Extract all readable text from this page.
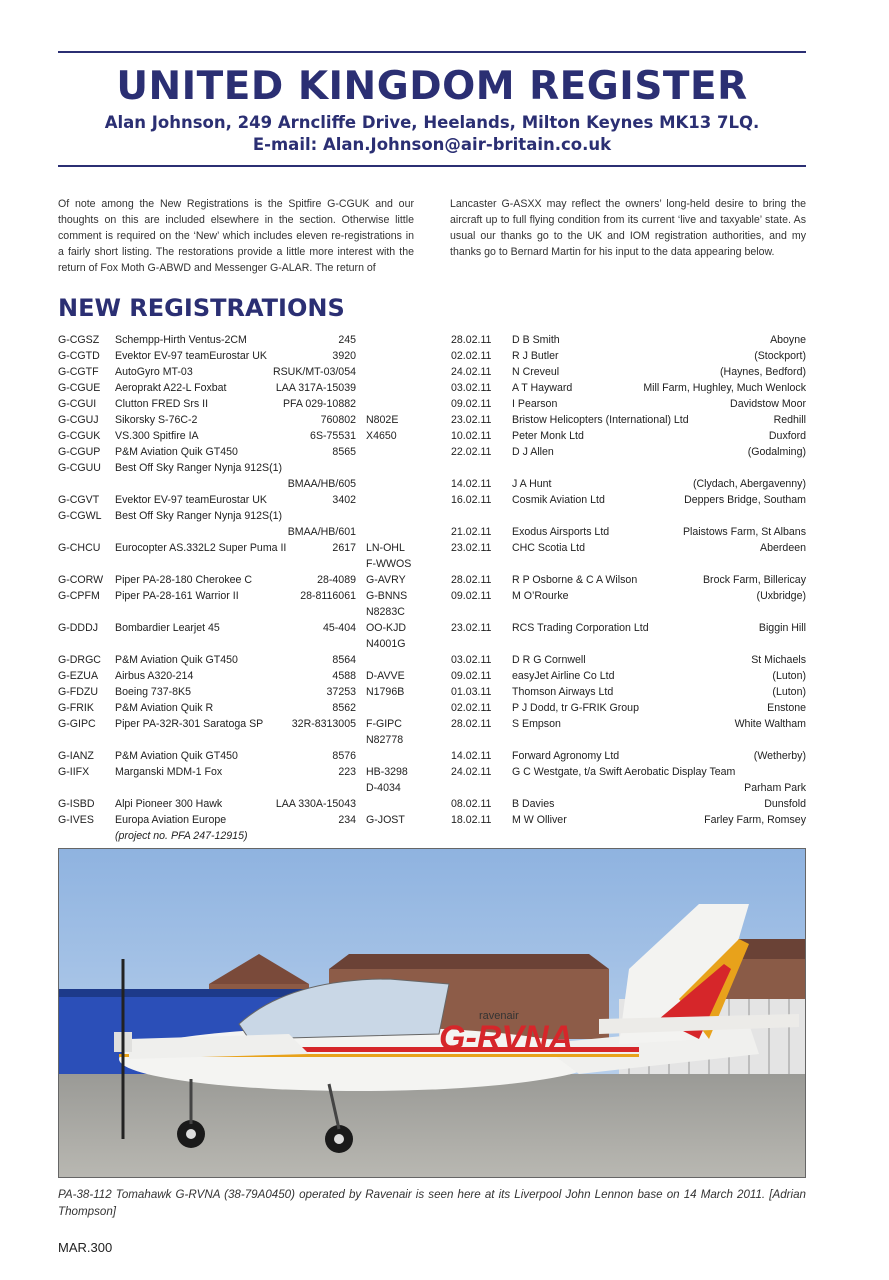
UNITED KINGDOM REGISTER
Alan Johnson, 249 Arncliffe Drive, Heelands, Milton Keynes MK13 7LQ.
E-mail: Alan.Johnson@air-britain.co.uk

Of note among the New Registrations is the Spitfire G-CGUK and our thoughts on this are included elsewhere in the section. Otherwise little comment is required on the ‘New’ which includes eleven re-registrations in a fairly short listing. The restorations provide a little more interest with the return of Fox Moth G-ABWD and Messenger G-ALAR. The return of

Lancaster G-ASXX may reflect the owners’ long-held desire to bring the aircraft up to full flying condition from its current ‘live and taxyable’ state. As usual our thanks go to the UK and IOM registration authorities, and my thanks go to Bernard Martin for his input to the data appearing below.

NEW REGISTRATIONS
G-CGSZ Schempp-Hirth Ventus-2CM	245	28.02.11 D B Smith	Aboyne
G-CGTD Evektor EV-97 teamEurostar UK	3920	02.02.11 R J Butler	(Stockport)
G-CGTF AutoGyro MT-03	RSUK/MT-03/054	24.02.11 N Creveul	(Haynes, Bedford)
G-CGUE Aeroprakt A22-L Foxbat	LAA 317A-15039	03.02.11 A T Hayward	Mill Farm, Hughley, Much Wenlock
G-CGUI Clutton FRED Srs II	PFA 029-10882	09.02.11 I Pearson	Davidstow Moor
G-CGUJ Sikorsky S-76C-2	760802 N802E	23.02.11 Bristow Helicopters (International) Ltd	Redhill
G-CGUK VS.300 Spitfire IA	6S-75531 X4650	10.02.11 Peter Monk Ltd	Duxford
G-CGUP P&M Aviation Quik GT450	8565	22.02.11 D J Allen	(Godalming)
G-CGUU Best Off Sky Ranger Nynja 912S(1)
BMAA/HB/605	14.02.11 J A Hunt	(Clydach, Abergavenny)
G-CGVT Evektor EV-97 teamEurostar UK	3402	16.02.11 Cosmik Aviation Ltd	Deppers Bridge, Southam
G-CGWL Best Off Sky Ranger Nynja 912S(1)
BMAA/HB/601	21.02.11 Exodus Airsports Ltd	Plaistows Farm, St Albans
G-CHCU Eurocopter AS.332L2 Super Puma II	2617 LN-OHL	23.02.11 CHC Scotia Ltd	Aberdeen
F-WWOS
G-CORW Piper PA-28-180 Cherokee C	28-4089 G-AVRY	28.02.11 R P Osborne & C A Wilson	Brock Farm, Billericay
G-CPFM Piper PA-28-161 Warrior II	28-8116061 G-BNNS	09.02.11 M O’Rourke	(Uxbridge)
N8283C
G-DDDJ Bombardier Learjet 45	45-404 OO-KJD	23.02.11 RCS Trading Corporation Ltd	Biggin Hill
N4001G
G-DRGC P&M Aviation Quik GT450	8564	03.02.11 D R G Cornwell	St Michaels
G-EZUA Airbus A320-214	4588 D-AVVE	09.02.11 easyJet Airline Co Ltd	(Luton)
G-FDZU Boeing 737-8K5	37253 N1796B	01.03.11 Thomson Airways Ltd	(Luton)
G-FRIK P&M Aviation Quik R	8562	02.02.11 P J Dodd, tr G-FRIK Group	Enstone
G-GIPC Piper PA-32R-301 Saratoga SP	32R-8313005 F-GIPC	28.02.11 S Empson	White Waltham
N82778
G-IANZ P&M Aviation Quik GT450	8576	14.02.11 Forward Agronomy Ltd	(Wetherby)
G-IIFX Marganski MDM-1 Fox	223 HB-3298	24.02.11 G C Westgate, t/a Swift Aerobatic Display Team
D-4034	Parham Park
G-ISBD Alpi Pioneer 300 Hawk	LAA 330A-15043	08.02.11 B Davies	Dunsfold
G-IVES Europa Aviation Europe	234 G-JOST	18.02.11 M W Olliver	Farley Farm, Romsey
(project no. PFA 247-12915)
G-RVNA
ravenair
PA-38-112 Tomahawk G-RVNA (38-79A0450) operated by Ravenair is seen here at its Liverpool John Lennon base on 14 March 2011. [Adrian Thompson]
MAR.300
